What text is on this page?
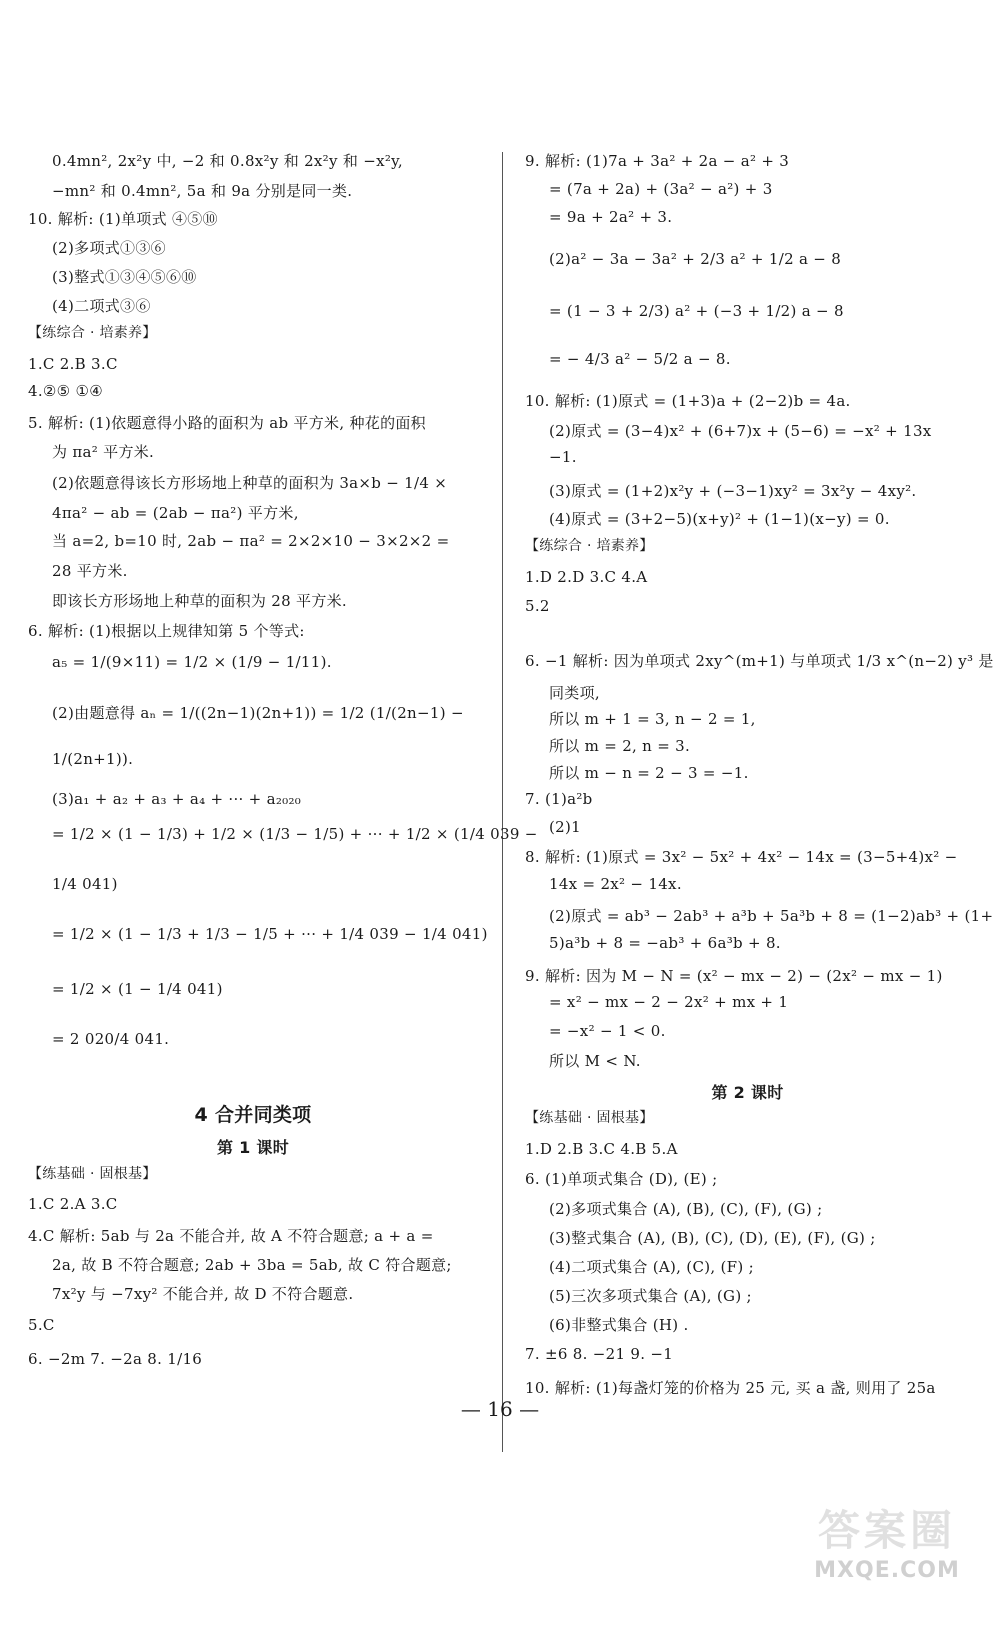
0.4mn², 2x²y 中, −2 和 0.8x²y 和 2x²y 和 −x²y,
−mn² 和 0.4mn², 5a 和 9a 分别是同一类.
10. 解析: (1)单项式 ④⑤⑩
(2)多项式①③⑥
(3)整式①③④⑤⑥⑩
(4)二项式③⑥
【练综合 · 培素养】
1.C 2.B 3.C
4.②⑤ ①④
5. 解析: (1)依题意得小路的面积为 ab 平方米, 种花的面积
为 πa² 平方米.
(2)依题意得该长方形场地上种草的面积为 3a×b − 1/4 ×
4πa² − ab = (2ab − πa²) 平方米,
当 a=2, b=10 时, 2ab − πa² = 2×2×10 − 3×2×2 =
28 平方米.
即该长方形场地上种草的面积为 28 平方米.
6. 解析: (1)根据以上规律知第 5 个等式:
a₅ = 1/(9×11) = 1/2 × (1/9 − 1/11).
(2)由题意得 aₙ = 1/((2n−1)(2n+1)) = 1/2 (1/(2n−1) −
1/(2n+1)).
(3)a₁ + a₂ + a₃ + a₄ + ··· + a₂₀₂₀
= 1/2 × (1 − 1/3) + 1/2 × (1/3 − 1/5) + ··· + 1/2 × (1/4 039 −
1/4 041)
= 1/2 × (1 − 1/3 + 1/3 − 1/5 + ··· + 1/4 039 − 1/4 041)
= 1/2 × (1 − 1/4 041)
= 2 020/4 041.
4 合并同类项
第 1 课时
【练基础 · 固根基】
1.C 2.A 3.C
4.C 解析: 5ab 与 2a 不能合并, 故 A 不符合题意; a + a =
2a, 故 B 不符合题意; 2ab + 3ba = 5ab, 故 C 符合题意;
7x²y 与 −7xy² 不能合并, 故 D 不符合题意.
5.C
6. −2m 7. −2a 8. 1/16
9. 解析: (1)7a + 3a² + 2a − a² + 3
= (7a + 2a) + (3a² − a²) + 3
= 9a + 2a² + 3.
(2)a² − 3a − 3a² + 2/3 a² + 1/2 a − 8
= (1 − 3 + 2/3) a² + (−3 + 1/2) a − 8
= − 4/3 a² − 5/2 a − 8.
10. 解析: (1)原式 = (1+3)a + (2−2)b = 4a.
(2)原式 = (3−4)x² + (6+7)x + (5−6) = −x² + 13x
−1.
(3)原式 = (1+2)x²y + (−3−1)xy² = 3x²y − 4xy².
(4)原式 = (3+2−5)(x+y)² + (1−1)(x−y) = 0.
【练综合 · 培素养】
1.D 2.D 3.C 4.A
5.2
6. −1 解析: 因为单项式 2xy^(m+1) 与单项式 1/3 x^(n−2) y³ 是
同类项,
所以 m + 1 = 3, n − 2 = 1,
所以 m = 2, n = 3.
所以 m − n = 2 − 3 = −1.
7. (1)a²b
(2)1
8. 解析: (1)原式 = 3x² − 5x² + 4x² − 14x = (3−5+4)x² −
14x = 2x² − 14x.
(2)原式 = ab³ − 2ab³ + a³b + 5a³b + 8 = (1−2)ab³ + (1+
5)a³b + 8 = −ab³ + 6a³b + 8.
9. 解析: 因为 M − N = (x² − mx − 2) − (2x² − mx − 1)
= x² − mx − 2 − 2x² + mx + 1
= −x² − 1 < 0.
所以 M < N.
第 2 课时
【练基础 · 固根基】
1.D 2.B 3.C 4.B 5.A
6. (1)单项式集合 (D), (E) ;
(2)多项式集合 (A), (B), (C), (F), (G) ;
(3)整式集合 (A), (B), (C), (D), (E), (F), (G) ;
(4)二项式集合 (A), (C), (F) ;
(5)三次多项式集合 (A), (G) ;
(6)非整式集合 (H) .
7. ±6 8. −21 9. −1
10. 解析: (1)每盏灯笼的价格为 25 元, 买 a 盏, 则用了 25a
— 16 —
答案圈
MXQE.COM
